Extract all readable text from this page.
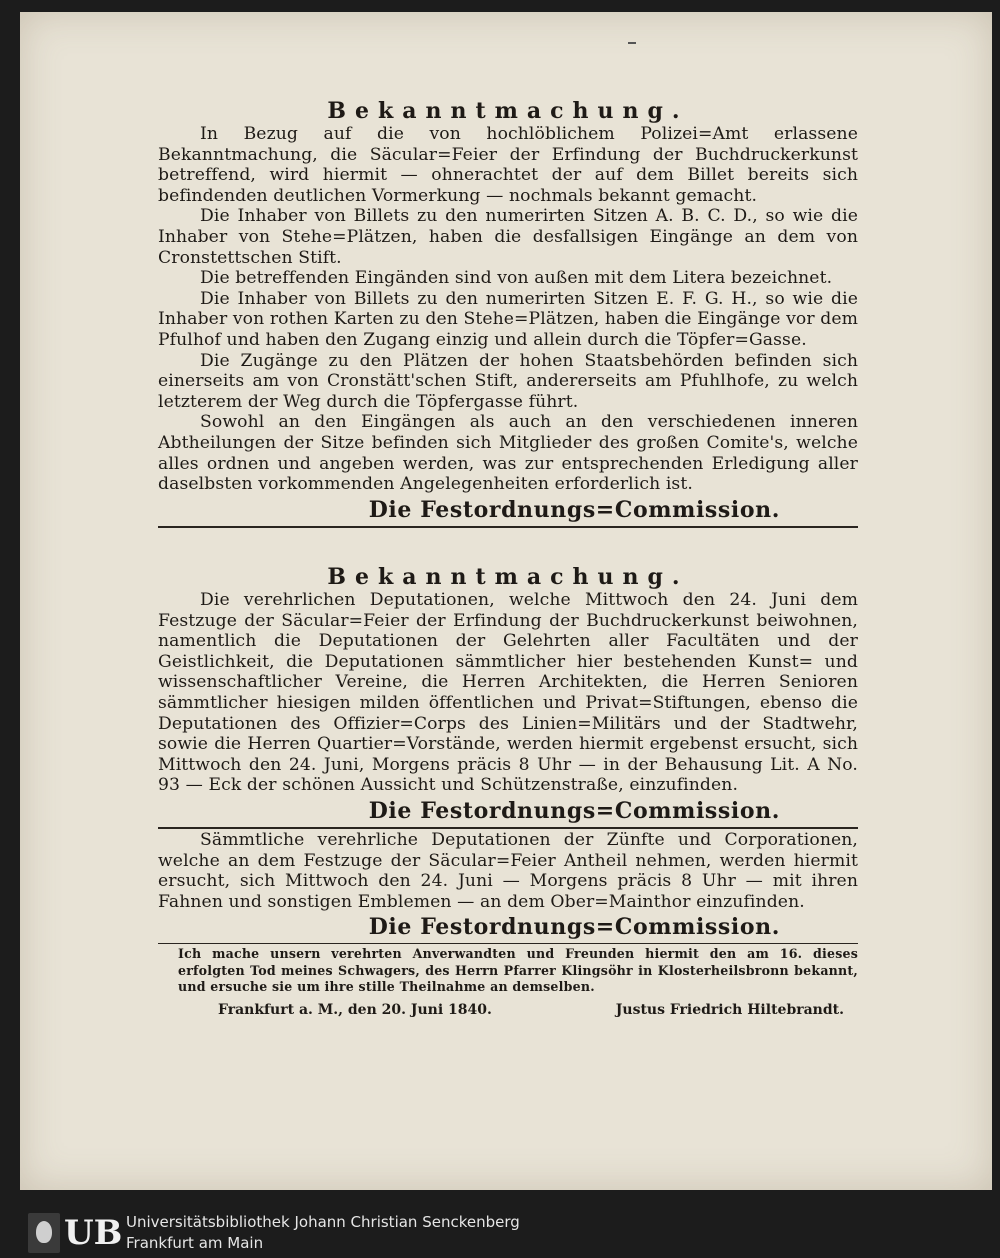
Bekanntmachung.

In Bezug auf die von hochlöblichem Polizei=Amt erlassene Bekanntmachung, die Säcular=Feier der Erfindung der Buchdruckerkunst betreffend, wird hiermit — ohnerachtet der auf dem Billet bereits sich befindenden deutlichen Vormerkung — nochmals bekannt gemacht.

Die Inhaber von Billets zu den numerirten Sitzen A. B. C. D., so wie die Inhaber von Stehe=Plätzen, haben die desfallsigen Eingänge an dem von Cronstettschen Stift.

Die betreffenden Eingänden sind von außen mit dem Litera bezeichnet.

Die Inhaber von Billets zu den numerirten Sitzen E. F. G. H., so wie die Inhaber von rothen Karten zu den Stehe=Plätzen, haben die Eingänge vor dem Pfulhof und haben den Zugang einzig und allein durch die Töpfer=Gasse.

Die Zugänge zu den Plätzen der hohen Staatsbehörden befinden sich einerseits am von Cronstätt'schen Stift, andererseits am Pfuhlhofe, zu welch letzterem der Weg durch die Töpfergasse führt.

Sowohl an den Eingängen als auch an den verschiedenen inneren Abtheilungen der Sitze befinden sich Mitglieder des großen Comite's, welche alles ordnen und angeben werden, was zur entsprechenden Erledigung aller daselbsten vorkommenden Angelegenheiten erforderlich ist.

Die Festordnungs=Commission.

Bekanntmachung.

Die verehrlichen Deputationen, welche Mittwoch den 24. Juni dem Festzuge der Säcular=Feier der Erfindung der Buchdruckerkunst beiwohnen, namentlich die Deputationen der Gelehrten aller Facultäten und der Geistlichkeit, die Deputationen sämmtlicher hier bestehenden Kunst= und wissenschaftlicher Vereine, die Herren Architekten, die Herren Senioren sämmtlicher hiesigen milden öffentlichen und Privat=Stiftungen, ebenso die Deputationen des Offizier=Corps des Linien=Militärs und der Stadtwehr, sowie die Herren Quartier=Vorstände, werden hiermit ergebenst ersucht, sich Mittwoch den 24. Juni, Morgens präcis 8 Uhr — in der Behausung Lit. A No. 93 — Eck der schönen Aussicht und Schützenstraße, einzufinden.

Die Festordnungs=Commission.

Sämmtliche verehrliche Deputationen der Zünfte und Corporationen, welche an dem Festzuge der Säcular=Feier Antheil nehmen, werden hiermit ersucht, sich Mittwoch den 24. Juni — Morgens präcis 8 Uhr — mit ihren Fahnen und sonstigen Emblemen — an dem Ober=Mainthor einzufinden.

Die Festordnungs=Commission.

Ich mache unsern verehrten Anverwandten und Freunden hiermit den am 16. dieses erfolgten Tod meines Schwagers, des Herrn Pfarrer Klingsöhr in Klosterheilsbronn bekannt, und ersuche sie um ihre stille Theilnahme an demselben.

Frankfurt a. M., den 20. Juni 1840.	Justus Friedrich Hiltebrandt.
UB Universitätsbibliothek Johann Christian Senckenberg
Frankfurt am Main
